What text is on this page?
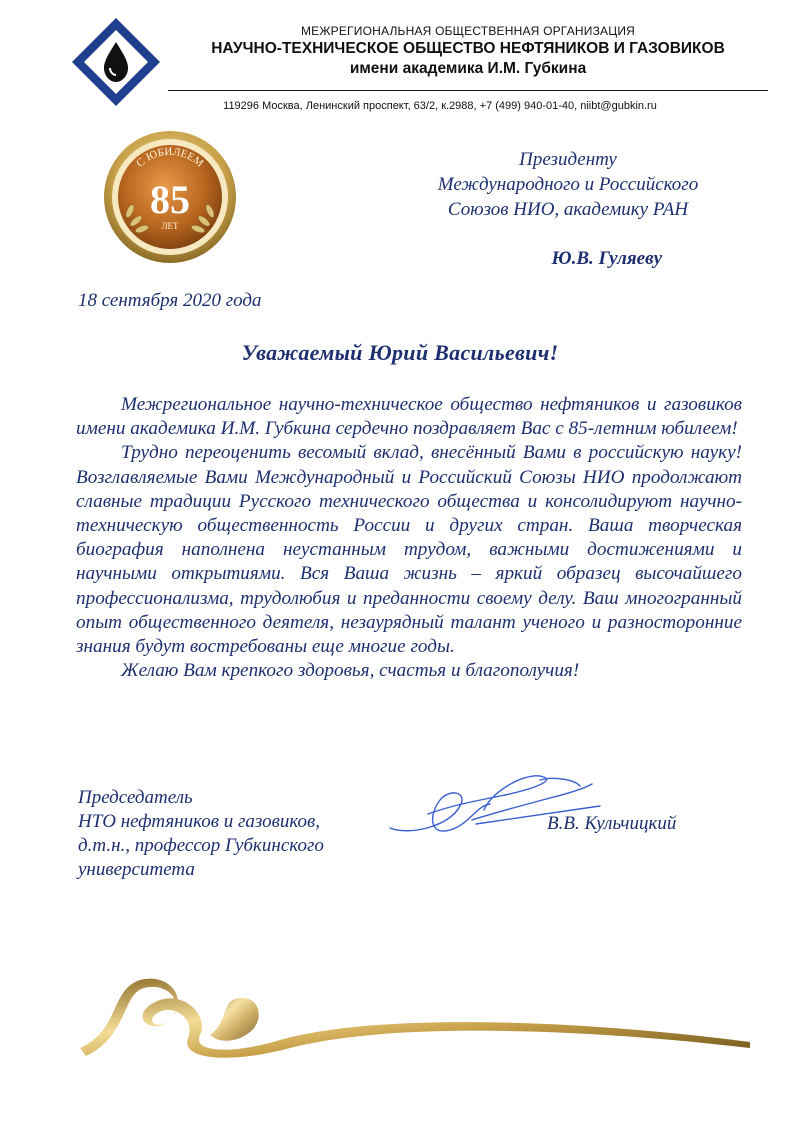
МЕЖРЕГИОНАЛЬНАЯ ОБЩЕСТВЕННАЯ ОРГАНИЗАЦИЯ
НАУЧНО-ТЕХНИЧЕСКОЕ ОБЩЕСТВО НЕФТЯНИКОВ И ГАЗОВИКОВ
имени академика И.М. Губкина
119296 Москва, Ленинский проспект, 63/2, к.2988, +7 (499) 940-01-40, niibt@gubkin.ru
С ЮБИЛЕЕМ
85
ЛЕТ
Президенту
Международного и Российского
Союзов НИО, академику РАН
Ю.В. Гуляеву
18 сентября 2020 года
Уважаемый Юрий Васильевич!

Межрегиональное научно-техническое общество нефтяников и газовиков имени академика И.М. Губкина сердечно поздравляет Вас с 85-летним юбилеем!

Трудно переоценить весомый вклад, внесённый Вами в российскую науку! Возглавляемые Вами Международный и Российский Союзы НИО продолжают славные традиции Русского технического общества и консолидируют научно-техническую общественность России и других стран. Ваша творческая биография наполнена неустанным трудом, важными достижениями и научными открытиями. Вся Ваша жизнь – яркий образец высочайшего профессионализма, трудолюбия и преданности своему делу. Ваш многогранный опыт общественного деятеля, незаурядный талант ученого и разносторонние знания будут востребованы еще многие годы.

Желаю Вам крепкого здоровья, счастья и благополучия!

Председатель
НТО нефтяников и газовиков,
д.т.н., профессор Губкинского
университета
В.В. Кульчицкий
